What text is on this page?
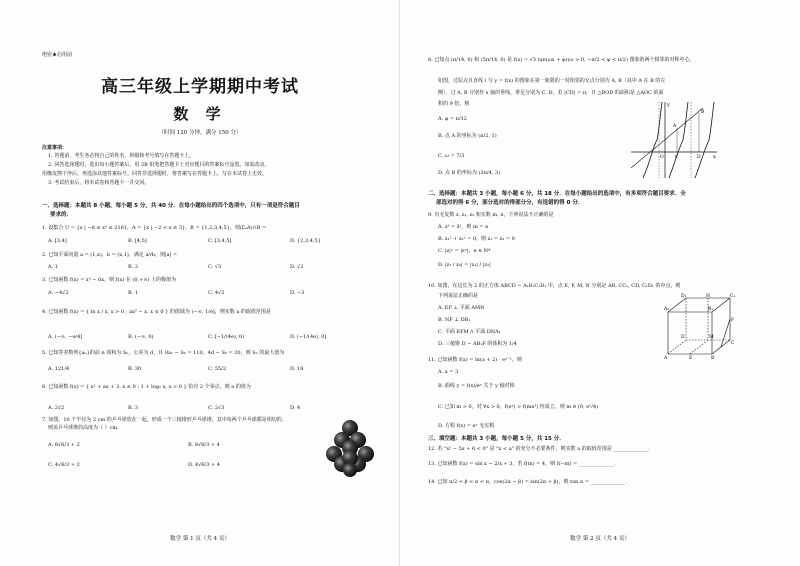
绝密★启用前
高三年级上学期期中考试
数 学
（时间 120 分钟，满分 150 分）
注意事项：
1. 答题前，考生务必将自己的姓名、班级和考号填写在答题卡上。
2. 回答选择题时，选出每小题答案后，用 2B 铅笔把答题卡上对应题目的答案标号涂黑。如需改动，
用橡皮擦干净后，再选涂其他答案标号。回答非选择题时，将答案写在答题卡上，写在本试卷上无效。
3. 考试结束后，将本试卷和答题卡一并交回。
一、选择题：本题共 8 小题，每小题 5 分，共 40 分．在每小题给出的四个选项中，只有一项是符合题目
要求的．
1. 设集合 U = {x | −8 ≤ x³ ≤ 216}，A = {x | −2 < x ≤ 3}，B = {1,2,3,4,5}，则(∁ᵤA)∩B =
A. [3,4]	B. [4,5]	C. [3,4,5]	D. {2,3,4,5}
2. 已知平面向量 a = (1,x)，b = (x,1)，满足 a//b，则|a| =
A. 1	B. 2	C. √3	D. √2
3. 已知函数 f(x) = x³ − 6x，则 f(x) 在 (0,+∞) 上的极值为
A. −4√2	B. 1	C. 4√2	D. −3
4. 已知函数 f(x) = { ln x / x, x > 0 ; ax² − x, x ≤ 0 } 的值域为 (−∞, 1/e]，则实数 a 的取值范围是
A. (−∞, −e/4]	B. (−∞, 0)	C. [−1/(4e), 0)	D. (−1/(4e), 0]
5. 已知等差数列{aₙ}的前 n 项和为 Sₙ，公差为 d，且 8a₁ − S₆ = 110，4d − S₃ = 20，则 Sₙ 的最大值为
A. 121/4	B. 30	C. 55/2	D. 18
6. 已知函数 f(x) = { x² + ax + 3, x ≤ 0 ; 1 + log₂ x, x > 0 } 恰有 2 个零点，则 a 的值为
A. 2√2	B. 3	C. 2√3	D. 4
7. 如图，10 个半径为 2 cm 的乒乓球放在一起，形成一个三棱锥形乒乓球堆，其中每两个乒乓球都是相切的，
则该乒乓球堆的高度为（ ）cm.
A. 8√6/3 + 2	B. 8√6/3 + 4
C. 4√6/3 + 2	D. 4√6/3 + 4
数学 第 1 页（共 4 页）
8. 已知点 (π/14, 0) 和 (5π/14, 0) 是 f(x) = √3 tan(ωx + φ)(ω > 0, −π/2 < φ < π/2) 图象的两个相邻的对称中心，
如图，过原点且直线 l 与 y = f(x) 的图象在第一象限的一对相邻的交点分别为 A, B（其中 A 在 B 的左
侧），过 A, B 分别作 x 轴的垂线，垂足分别为 C, D，若 |CD| = π，且 △BOD 的面积是 △AOC 的面
积的 9 倍，则
A. φ = π/12
B. 点 A 的坐标为 (π/2, 1)
C. ω = 7/3
D. 点 B 的坐标为 (3π/4, 3)
二、选择题：本题共 3 小题，每小题 6 分，共 18 分．在每小题给出的选项中，有多项符合题目要求．全
部选对的得 6 分，部分选对的得部分分，有选错的得 0 分．
9. 有无复数 z, z₁, z₂ 和实数 m, n，下列说法不正确的是
A. z² = z̄²，则 m = n
B. z₁² + z₂² = 0，则 z₁ = z₂ = 0
C. |z|ⁿ = |zⁿ|，n ∈ N*
D. |z₁ / z₂| = |z₁| / |z₂|
10. 如图，在边长为 2 的正方体 ABCD − A₁B₁C₁D₁ 中，点 E, F, M, N 分别是 AB, CC₁, CD, C₁D₁ 的中点，则
下列说法正确的是
A. EF ⊥ 平面 AMN
B. NF ⊥ DB₁
C. 平面 EFM // 平面 DNA₁
D. 三棱锥 D − AB₁F 的体积为 1/4
11. 已知函数 f(x) = ln(a + 2) · eˣ⁻¹，则
A. a = 3
B. 曲线 y = f(x)/eˣ 关于 y 轴对称
C. 已知 m > 0，对 ∀x > 0，f(eˣ) > f(mx²) 恒成立，则 m ∈ (0, e²/4)
D. 方程 f(x) = eˣ 无实根
三、填空题：本题共 3 小题，每小题 5 分，共 15 分．
12. 若 "x² − 5x + 6 < 0" 是 "x < a" 的充分不必要条件，则实数 a 的取值范围是 ______________．
13. 已知函数 f(x) = sin x − 2/x + 3，若 f(m) = 4，则 f(−m) = ______________．
14. 已知 π/2 < β < α < π，cos(2α − β) = sin(2α + β)，则 tan α = ______________．
数学 第 2 页（共 4 页）
y
x
O
A
B
C	D
A₁	B₁
C₁
D₁	N
F
M
A	B
C
D
E
